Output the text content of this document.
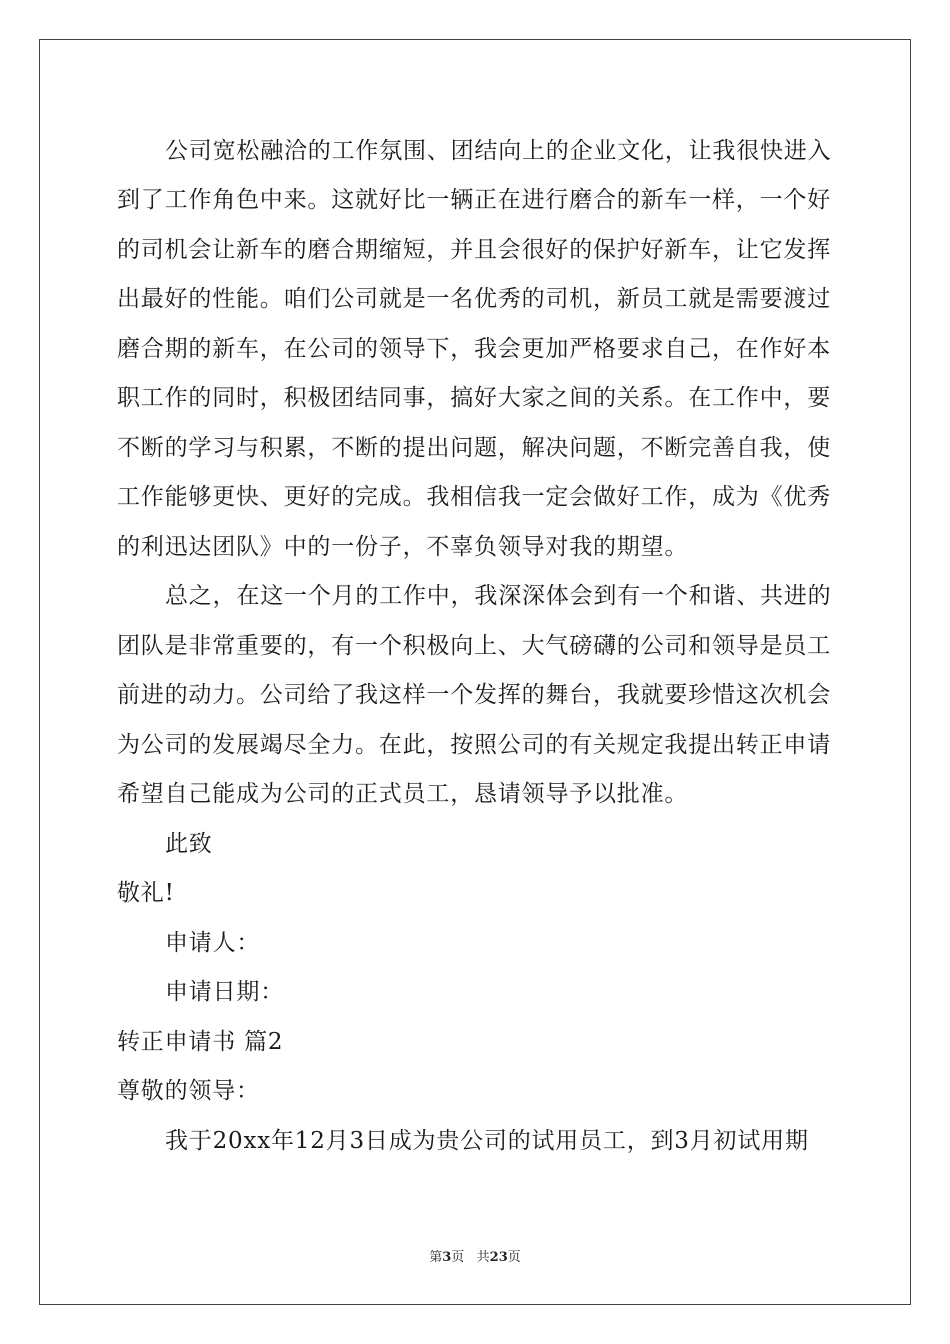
公司宽松融洽的工作氛围、团结向上的企业文化，让我很快进入
到了工作角色中来。这就好比一辆正在进行磨合的新车一样，一个好
的司机会让新车的磨合期缩短，并且会很好的保护好新车，让它发挥
出最好的性能。咱们公司就是一名优秀的司机，新员工就是需要渡过
磨合期的新车，在公司的领导下，我会更加严格要求自己，在作好本
职工作的同时，积极团结同事，搞好大家之间的关系。在工作中，要
不断的学习与积累，不断的提出问题，解决问题，不断完善自我，使
工作能够更快、更好的完成。我相信我一定会做好工作，成为《优秀
的利迅达团队》中的一份子，不辜负领导对我的期望。
总之，在这一个月的工作中，我深深体会到有一个和谐、共进的
团队是非常重要的，有一个积极向上、大气磅礴的公司和领导是员工
前进的动力。公司给了我这样一个发挥的舞台，我就要珍惜这次机会
为公司的发展竭尽全力。在此，按照公司的有关规定我提出转正申请
希望自己能成为公司的正式员工，恳请领导予以批准。
此致
敬礼!
申请人：
申请日期：
转正申请书 篇2
尊敬的领导：
我于20xx年12月3日成为贵公司的试用员工，到3月初试用期
第3页   共23页
